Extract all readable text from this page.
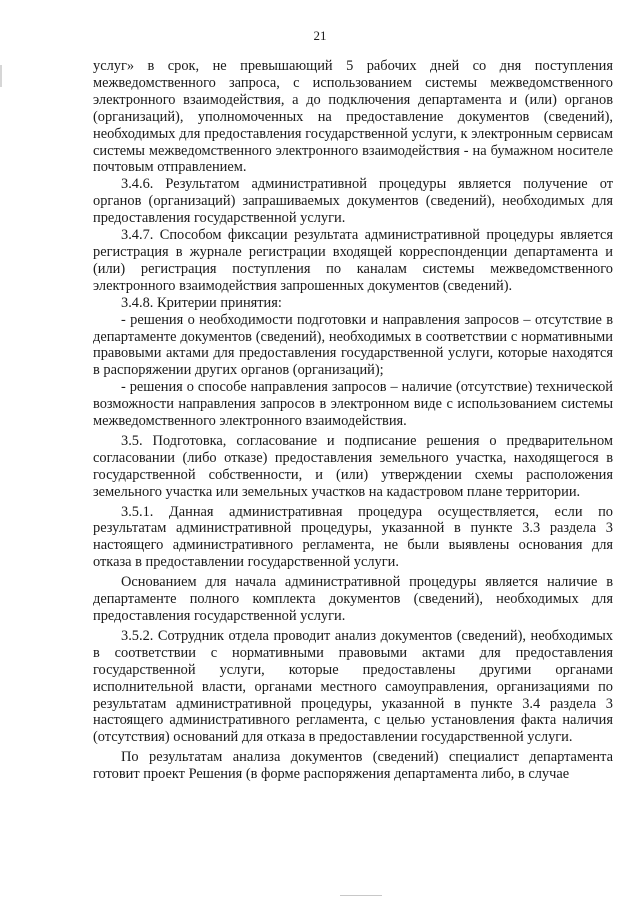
21

услуг» в срок, не превышающий 5 рабочих дней со дня поступления межведомственного запроса, с использованием системы межведомственного электронного взаимодействия, а до подключения департамента и (или) органов (организаций), уполномоченных на предоставление документов (сведений), необходимых для предоставления государственной услуги, к электронным сервисам системы межведомственного электронного взаимодействия - на бумажном носителе почтовым отправлением.

3.4.6. Результатом административной процедуры является получение от органов (организаций) запрашиваемых документов (сведений), необходимых для предоставления государственной услуги.

3.4.7. Способом фиксации результата административной процедуры является регистрация в журнале регистрации входящей корреспонденции департамента и (или) регистрация поступления по каналам системы межведомственного электронного взаимодействия запрошенных документов (сведений).

3.4.8. Критерии принятия:

- решения о необходимости подготовки и направления запросов – отсутствие в департаменте документов (сведений), необходимых в соответствии с нормативными правовыми актами для предоставления государственной услуги, которые находятся в распоряжении других органов (организаций);

- решения о способе направления запросов – наличие (отсутствие) технической возможности направления запросов в электронном виде с использованием системы межведомственного электронного взаимодействия.

3.5. Подготовка, согласование и подписание решения о предварительном согласовании (либо отказе) предоставления земельного участка, находящегося в государственной собственности, и (или) утверждении схемы расположения земельного участка или земельных участков на кадастровом плане территории.

3.5.1. Данная административная процедура осуществляется, если по результатам административной процедуры, указанной в пункте 3.3 раздела 3 настоящего административного регламента, не были выявлены основания для отказа в предоставлении государственной услуги.

Основанием для начала административной процедуры является наличие в департаменте полного комплекта документов (сведений), необходимых для предоставления государственной услуги.

3.5.2. Сотрудник отдела проводит анализ документов (сведений), необходимых в соответствии с нормативными правовыми актами для предоставления государственной услуги, которые предоставлены другими органами исполнительной власти, органами местного самоуправления, организациями по результатам административной процедуры, указанной в пункте 3.4 раздела 3 настоящего административного регламента, с целью установления факта наличия (отсутствия) оснований для отказа в предоставлении государственной услуги.

По результатам анализа документов (сведений) специалист департамента готовит проект Решения (в форме распоряжения департамента либо, в случае
